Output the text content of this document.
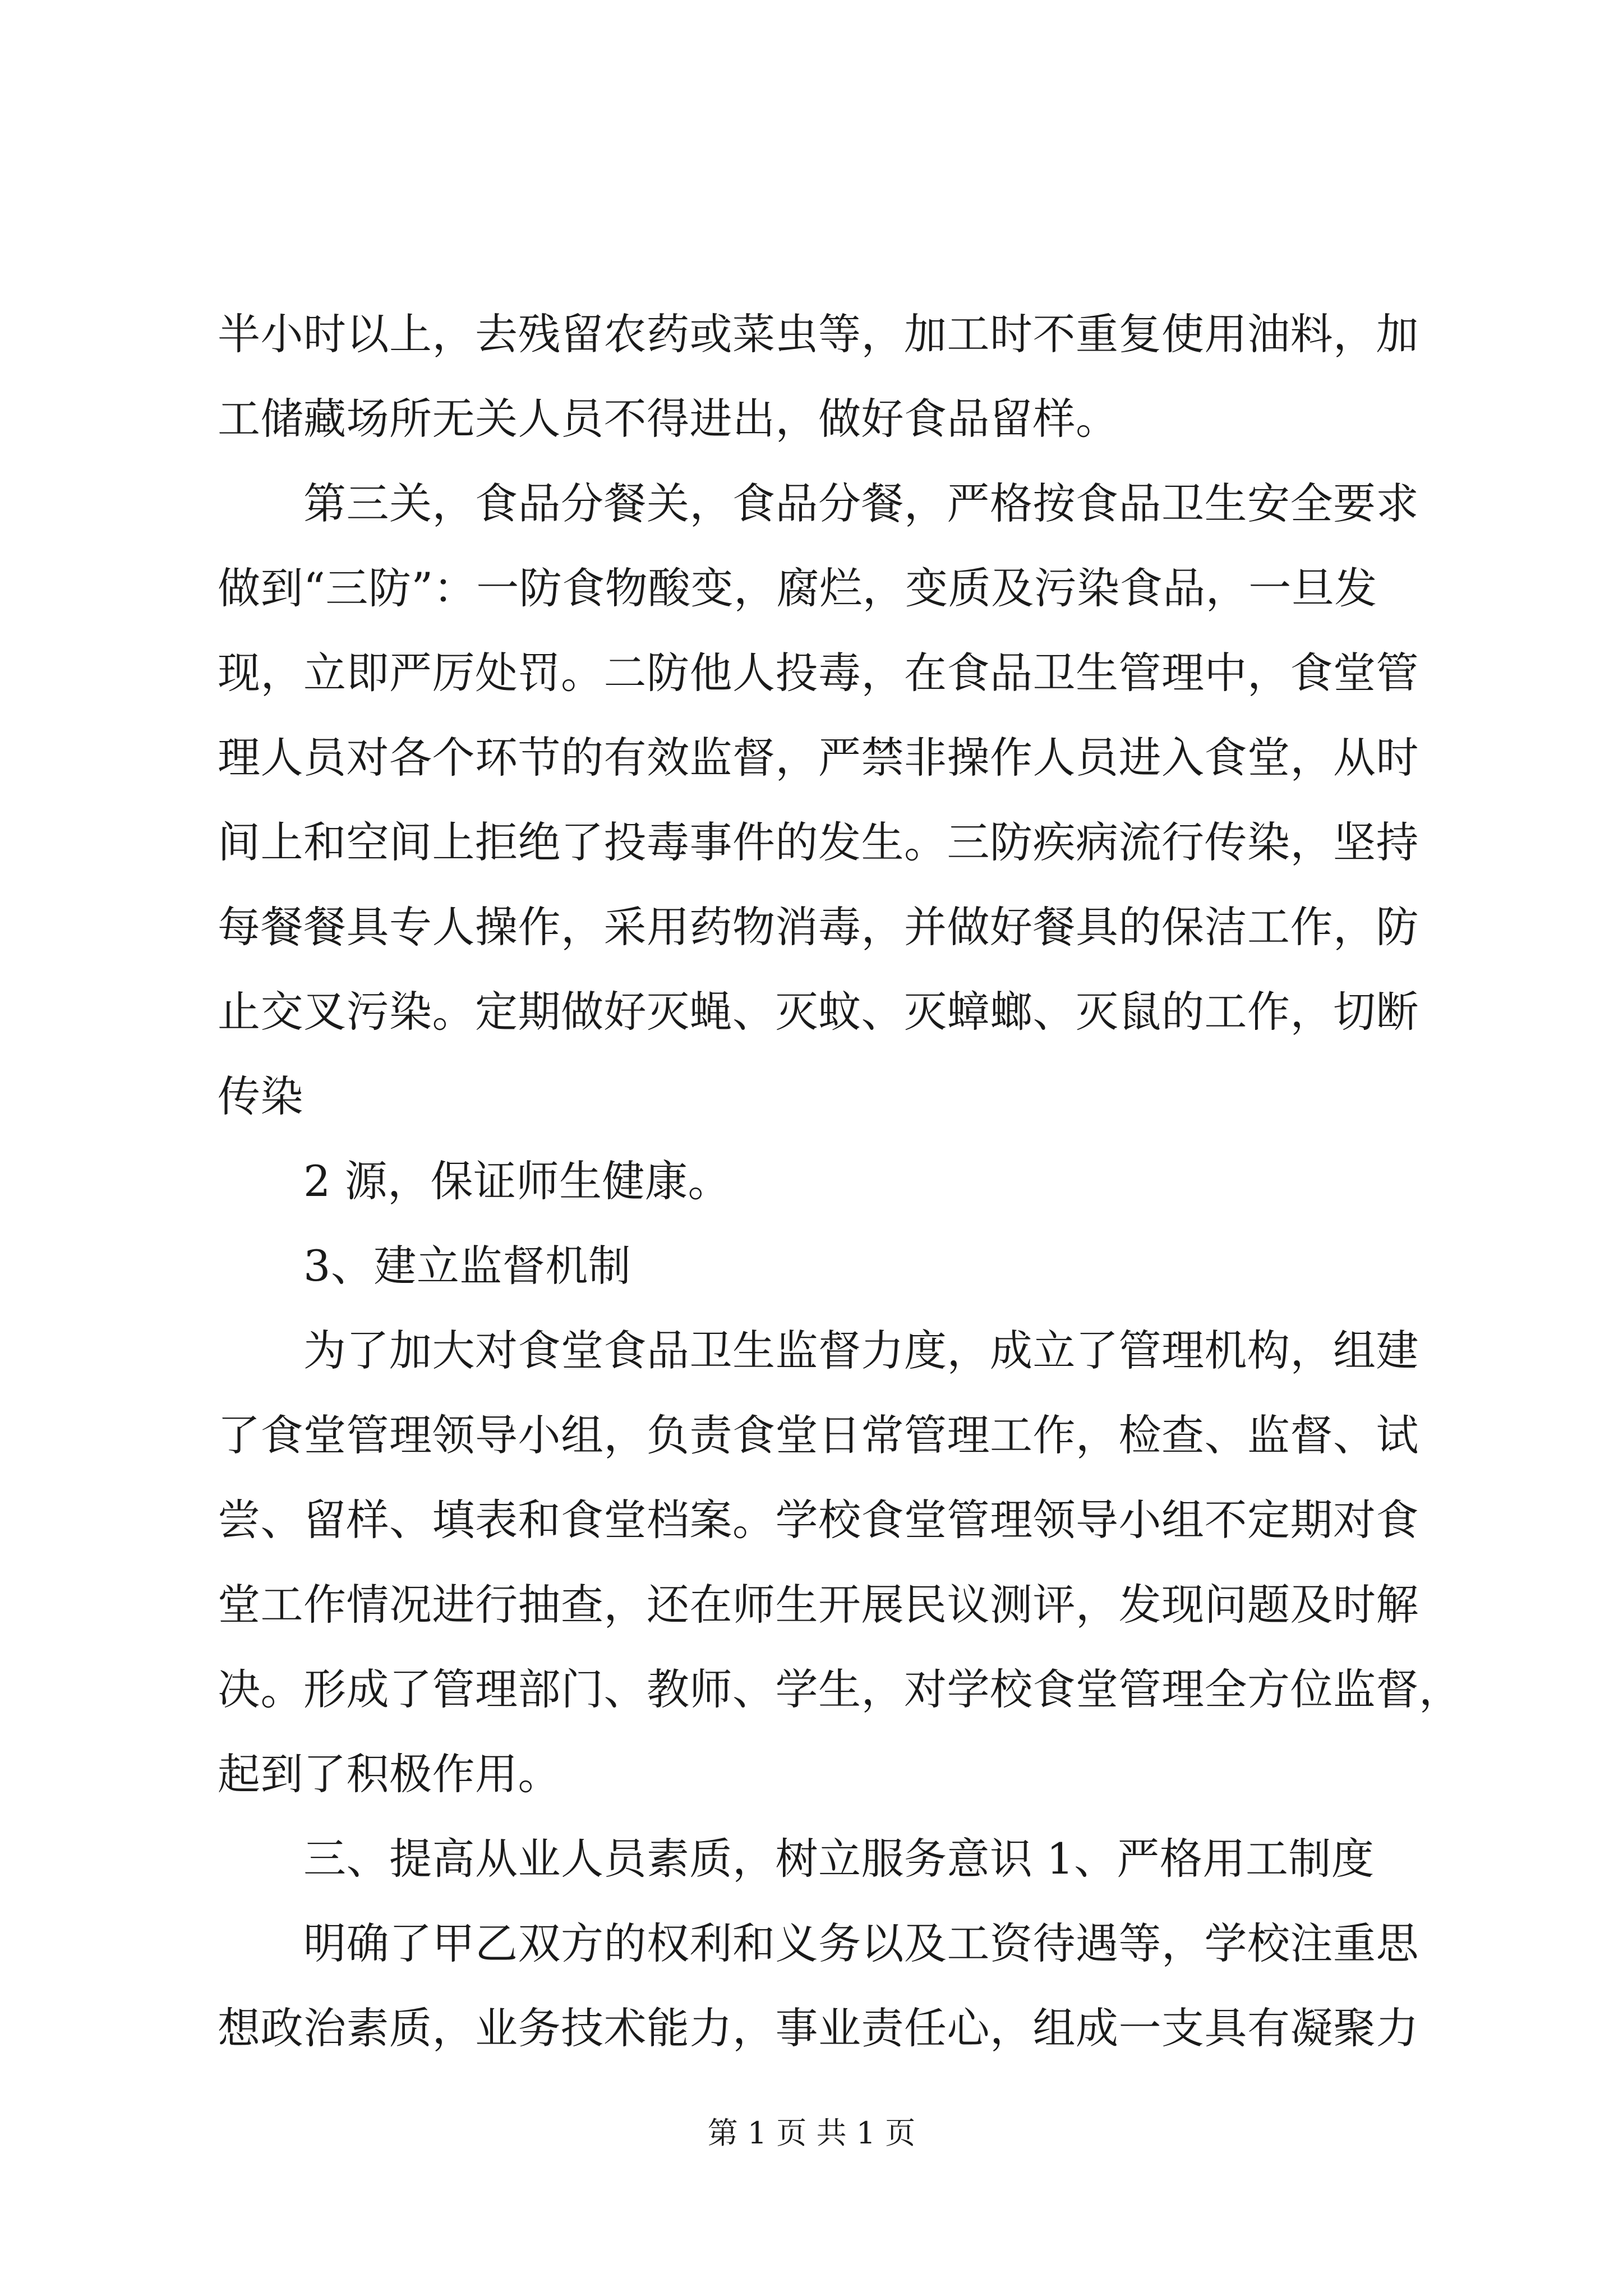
半小时以上，去残留农药或菜虫等，加工时不重复使用油料，加
工储藏场所无关人员不得进出，做好食品留样。
　　第三关，食品分餐关，食品分餐，严格按食品卫生安全要求
做到“三防”：一防食物酸变，腐烂，变质及污染食品，一旦发
现，立即严厉处罚。二防他人投毒，在食品卫生管理中，食堂管
理人员对各个环节的有效监督，严禁非操作人员进入食堂，从时
间上和空间上拒绝了投毒事件的发生。三防疾病流行传染，坚持
每餐餐具专人操作，采用药物消毒，并做好餐具的保洁工作，防
止交叉污染。定期做好灭蝇、灭蚊、灭蟑螂、灭鼠的工作，切断
传染
　　2 源，保证师生健康。
　　3、建立监督机制
　　为了加大对食堂食品卫生监督力度，成立了管理机构，组建
了食堂管理领导小组，负责食堂日常管理工作，检查、监督、试
尝、留样、填表和食堂档案。学校食堂管理领导小组不定期对食
堂工作情况进行抽查，还在师生开展民议测评，发现问题及时解
决。形成了管理部门、教师、学生，对学校食堂管理全方位监督，
起到了积极作用。
　　三、提高从业人员素质，树立服务意识 1、严格用工制度
　　明确了甲乙双方的权利和义务以及工资待遇等，学校注重思
想政治素质，业务技术能力，事业责任心，组成一支具有凝聚力
第 1 页 共 1 页
